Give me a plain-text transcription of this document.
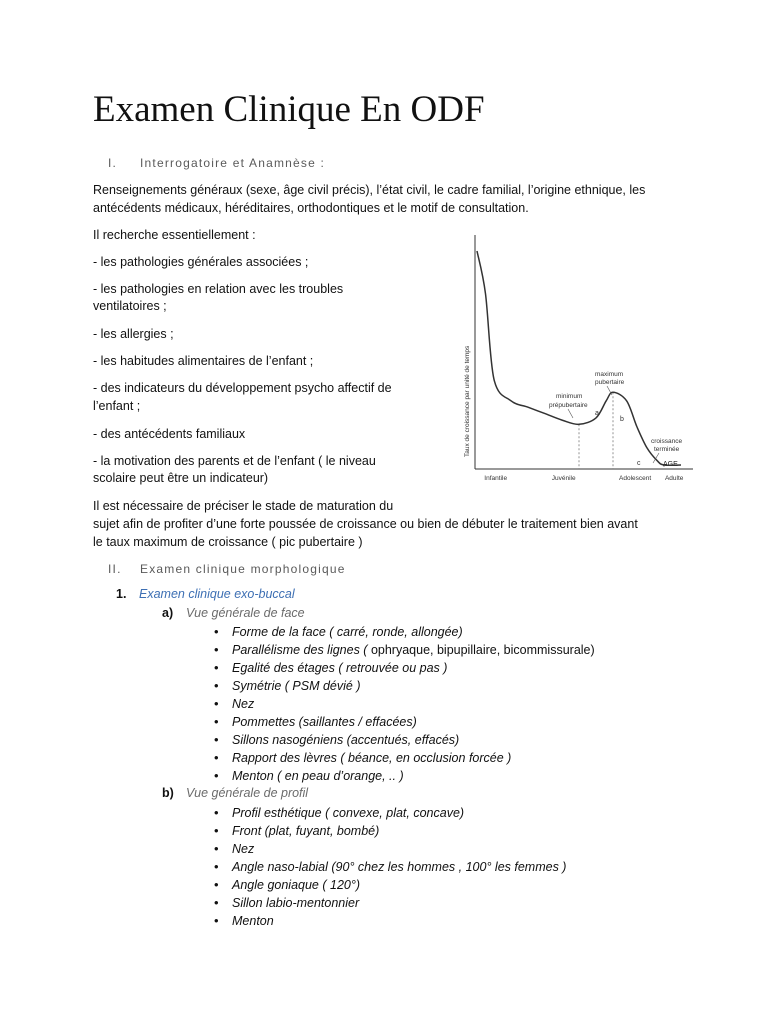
Examen Clinique En ODF
I. Interrogatoire et Anamnèse :
Renseignements généraux (sexe, âge civil précis), l’état civil, le cadre familial, l’origine ethnique, les
antécédents médicaux, héréditaires, orthodontiques et le motif de consultation.
Il recherche essentiellement :
- les pathologies générales associées ;
- les pathologies en relation avec les troubles
ventilatoires ;
- les allergies ;
- les habitudes alimentaires de l’enfant ;
- des indicateurs du développement psycho affectif de
l’enfant ;
- des antécédents familiaux
- la motivation des parents et de l’enfant ( le niveau
scolaire peut être un indicateur)
Il est nécessaire de préciser le stade de maturation du
sujet afin de profiter d’une forte poussée de croissance ou bien de débuter le traitement bien avant
le taux maximum de croissance ( pic pubertaire )
Taux de croissance par unité de temps
AGE
Infantile	Juvénile	Adolescent Adulte
minimum
prépubertaire
maximum
pubertaire
croissance
terminée
a
b
c
II. Examen clinique morphologique
1. Examen clinique exo-buccal
a) Vue générale de face
• Forme de la face ( carré, ronde, allongée)
• Parallélisme des lignes ( ophryaque, bipupillaire, bicommissurale)
• Egalité des étages ( retrouvée ou pas )
• Symétrie ( PSM dévié )
• Nez
• Pommettes (saillantes / effacées)
• Sillons nasogéniens (accentués, effacés)
• Rapport des lèvres ( béance, en occlusion forcée )
• Menton ( en peau d’orange, .. )
b) Vue générale de profil
• Profil esthétique ( convexe, plat, concave)
• Front (plat, fuyant, bombé)
• Nez
• Angle naso-labial (90° chez les hommes , 100° les femmes )
• Angle goniaque ( 120°)
• Sillon labio-mentonnier
• Menton
